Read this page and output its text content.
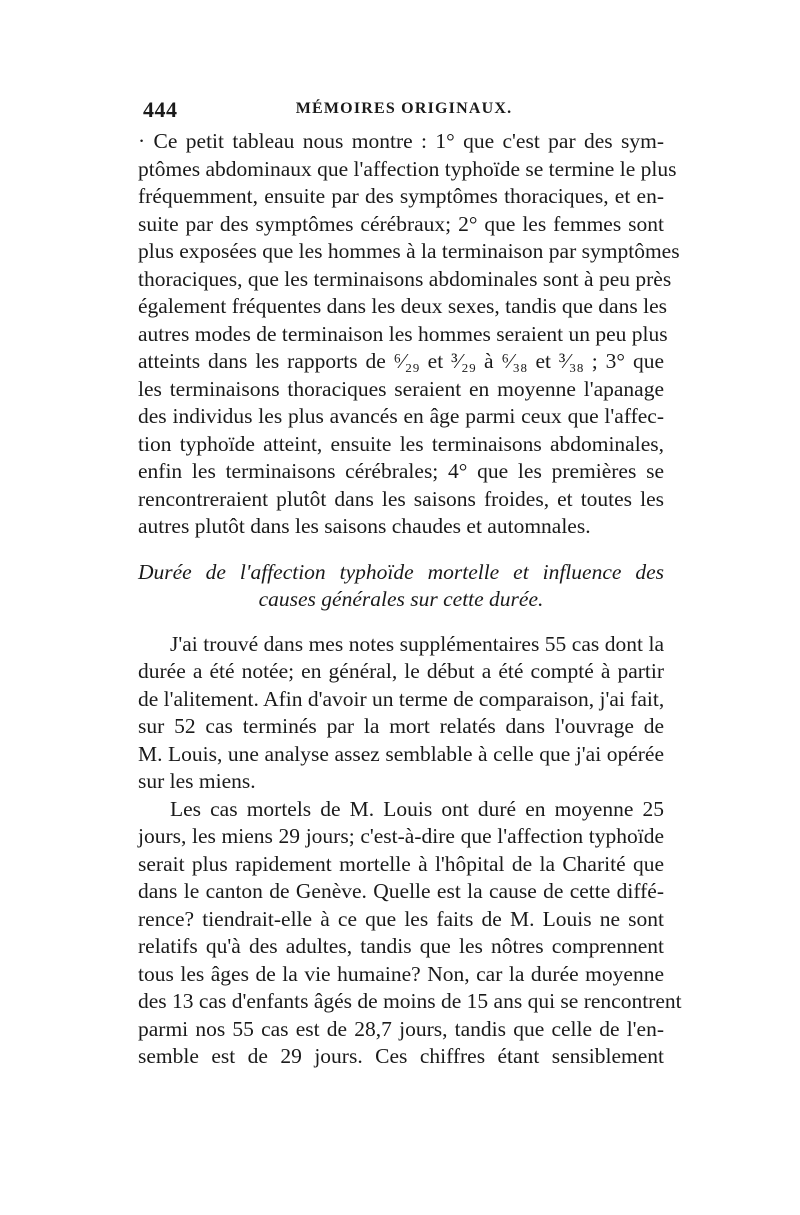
444	MÉMOIRES ORIGINAUX.
· Ce petit tableau nous montre : 1° que c'est par des sym-
ptômes abdominaux que l'affection typhoïde se termine le plus
fréquemment, ensuite par des symptômes thoraciques, et en-
suite par des symptômes cérébraux; 2° que les femmes sont
plus exposées que les hommes à la terminaison par symptômes
thoraciques, que les terminaisons abdominales sont à peu près
également fréquentes dans les deux sexes, tandis que dans les
autres modes de terminaison les hommes seraient un peu plus
atteints dans les rapports de ⁶⁄₂₉ et ³⁄₂₉ à ⁶⁄₃₈ et ³⁄₃₈ ; 3° que
les terminaisons thoraciques seraient en moyenne l'apanage
des individus les plus avancés en âge parmi ceux que l'affec-
tion typhoïde atteint, ensuite les terminaisons abdominales,
enfin les terminaisons cérébrales; 4° que les premières se
rencontreraient plutôt dans les saisons froides, et toutes les
autres plutôt dans les saisons chaudes et automnales.
Durée de l'affection typhoïde mortelle et influence des
causes générales sur cette durée.
J'ai trouvé dans mes notes supplémentaires 55 cas dont la
durée a été notée; en général, le début a été compté à partir
de l'alitement. Afin d'avoir un terme de comparaison, j'ai fait,
sur 52 cas terminés par la mort relatés dans l'ouvrage de
M. Louis, une analyse assez semblable à celle que j'ai opérée
sur les miens.
Les cas mortels de M. Louis ont duré en moyenne 25
jours, les miens 29 jours; c'est-à-dire que l'affection typhoïde
serait plus rapidement mortelle à l'hôpital de la Charité que
dans le canton de Genève. Quelle est la cause de cette diffé-
rence? tiendrait-elle à ce que les faits de M. Louis ne sont
relatifs qu'à des adultes, tandis que les nôtres comprennent
tous les âges de la vie humaine? Non, car la durée moyenne
des 13 cas d'enfants âgés de moins de 15 ans qui se rencontrent
parmi nos 55 cas est de 28,7 jours, tandis que celle de l'en-
semble est de 29 jours. Ces chiffres étant sensiblement
